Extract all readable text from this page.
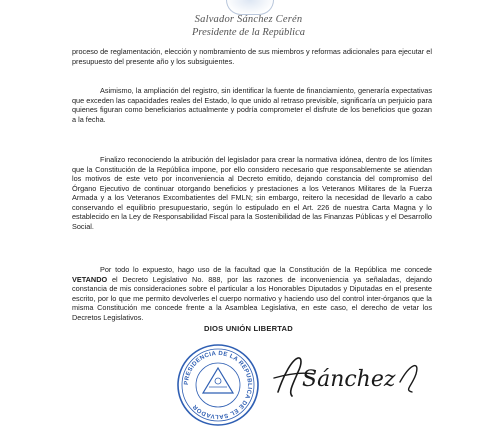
Salvador Sánchez Cerén
Presidente de la República

proceso de reglamentación, elección y nombramiento de sus miembros y reformas adicionales para ejecutar el presupuesto del presente año y los subsiguientes.

Asimismo, la ampliación del registro, sin identificar la fuente de financiamiento, generaría expectativas que exceden las capacidades reales del Estado, lo que unido al retraso previsible, significaría un perjuicio para quienes figuran como beneficiarios actualmente y podría comprometer el disfrute de los beneficios que gozan a la fecha.

Finalizo reconociendo la atribución del legislador para crear la normativa idónea, dentro de los límites que la Constitución de la República impone, por ello considero necesario que responsablemente se atiendan los motivos de este veto por inconveniencia al Decreto emitido, dejando constancia del compromiso del Órgano Ejecutivo de continuar otorgando beneficios y prestaciones a los Veteranos Militares de la Fuerza Armada y a los Veteranos Excombatientes del FMLN; sin embargo, reitero la necesidad de llevarlo a cabo conservando el equilibrio presupuestario, según lo estipulado en el Art. 226 de nuestra Carta Magna y lo establecido en la Ley de Responsabilidad Fiscal para la Sostenibilidad de las Finanzas Públicas y el Desarrollo Social.

Por todo lo expuesto, hago uso de la facultad que la Constitución de la República me concede VETANDO el Decreto Legislativo No. 888, por las razones de inconveniencia ya señaladas, dejando constancia de mis consideraciones sobre el particular a los Honorables Diputados y Diputadas en el presente escrito, por lo que me permito devolverles el cuerpo normativo y haciendo uso del control inter-órganos que la misma Constitución me concede frente a la Asamblea Legislativa, en este caso, el derecho de vetar los Decretos Legislativos.

DIOS UNIÓN LIBERTAD
PRESIDENCIA DE LA REPUBLICA DE EL SALVADOR
Sánchez
